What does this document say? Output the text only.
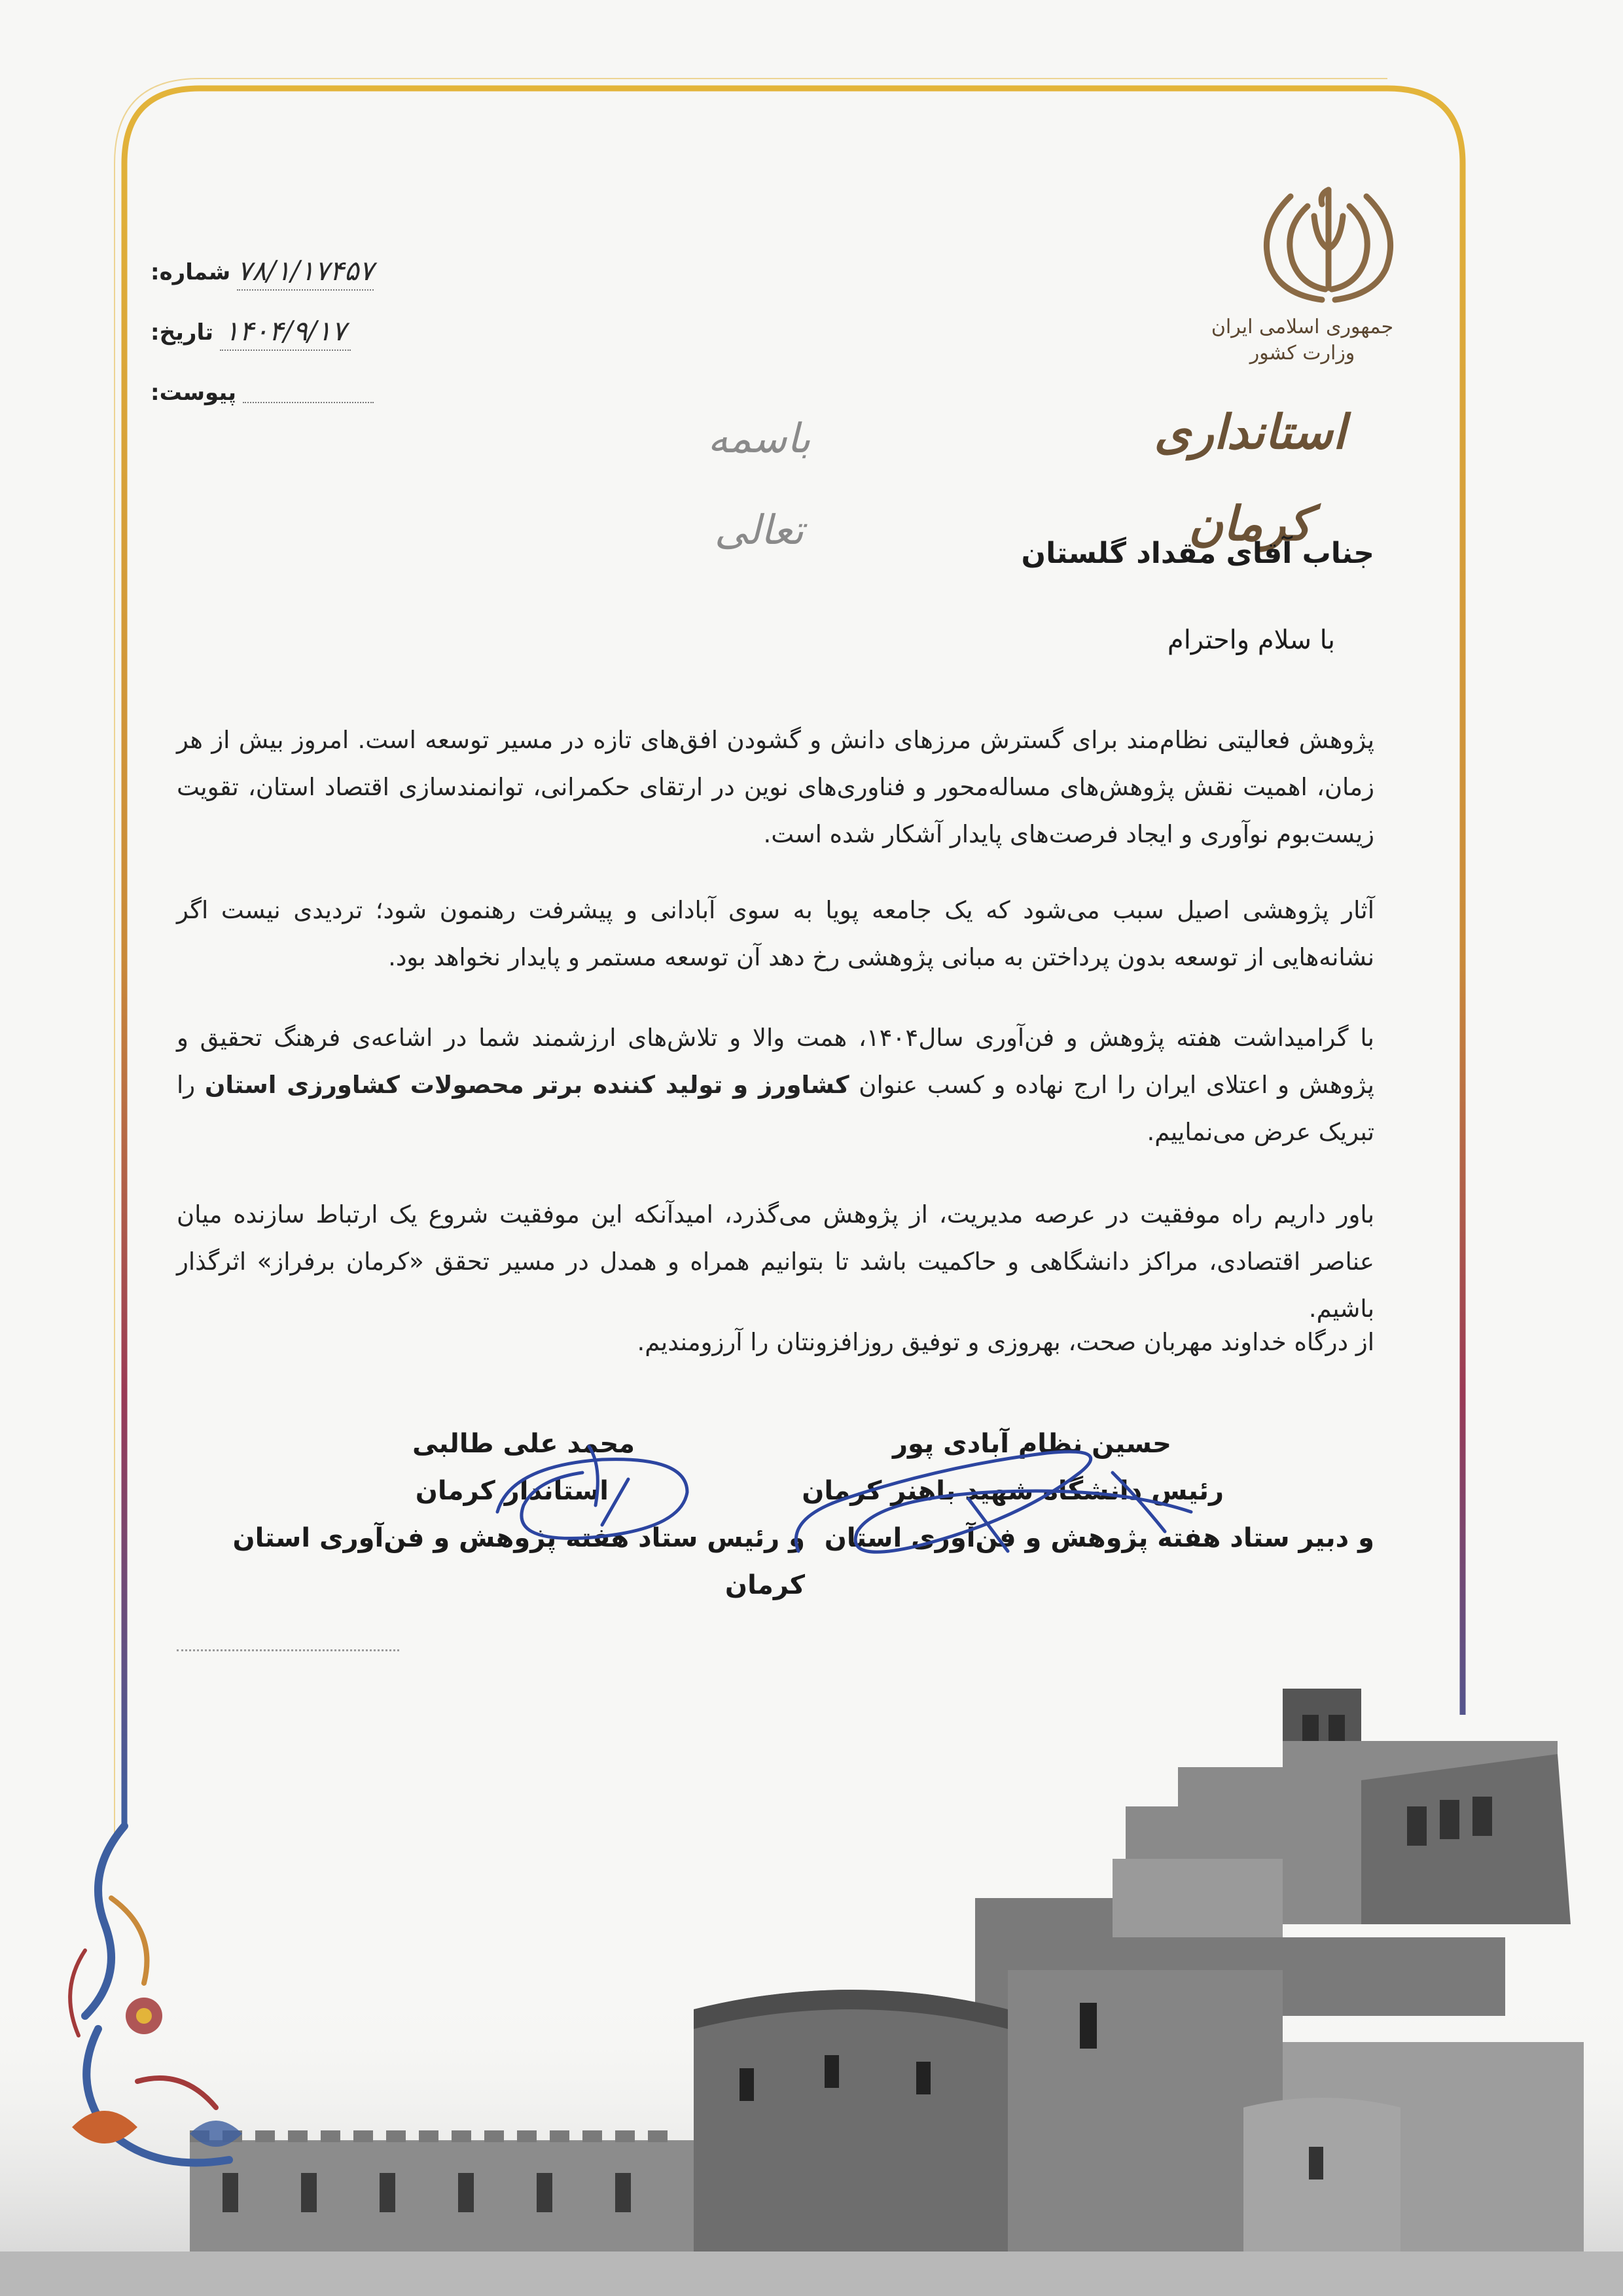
شماره: ۷۸/۱/۱۷۴۵۷
تاریخ: ۱۴۰۴/۹/۱۷
پیوست:
جمهوری اسلامی ایران
وزارت کشور
استانداری کرمان
باسمه تعالی	جناب آقای مقداد گلستان
با سلام واحترام
پژوهش فعالیتی نظام‌مند برای گسترش مرزهای دانش و گشودن افق‌های تازه در مسیر توسعه است. امروز بیش از هر زمان، اهمیت نقش پژوهش‌های مساله‌محور و فناوری‌های نوین در ارتقای حکمرانی، توانمندسازی اقتصاد استان، تقویت زیست‌بوم نوآوری و ایجاد فرصت‌های پایدار آشکار شده است.
آثار پژوهشی اصیل سبب می‌شود که یک جامعه پویا به سوی آبادانی و پیشرفت رهنمون شود؛ تردیدی نیست اگر نشانه‌هایی از توسعه بدون پرداختن به مبانی پژوهشی رخ دهد آن توسعه مستمر و پایدار نخواهد بود.
با گرامیداشت هفته پژوهش و فن‌آوری سال۱۴۰۴، همت والا و تلاش‌های ارزشمند شما در اشاعه‌ی فرهنگ تحقیق و پژوهش و اعتلای ایران را ارج نهاده و کسب عنوان کشاورز و تولید کننده برتر محصولات کشاورزی استان را تبریک عرض می‌نماییم.
باور داریم راه موفقیت در عرصه مدیریت، از پژوهش می‌گذرد، امیدآنکه این موفقیت شروع یک ارتباط سازنده میان عناصر اقتصادی، مراکز دانشگاهی و حاکمیت باشد تا بتوانیم همراه و همدل در مسیر تحقق «کرمان برفراز» اثرگذار باشیم.
از درگاه خداوند مهربان صحت، بهروزی و توفیق روزافزونتان را آرزومندیم.
حسین نظام آبادی پور
رئیس دانشگاه شهید باهنر کرمان
و دبیر ستاد هفته پژوهش و فن‌آوری استان
محمد علی طالبی
استاندار کرمان
و رئیس ستاد هفته پژوهش و فن‌آوری استان کرمان
